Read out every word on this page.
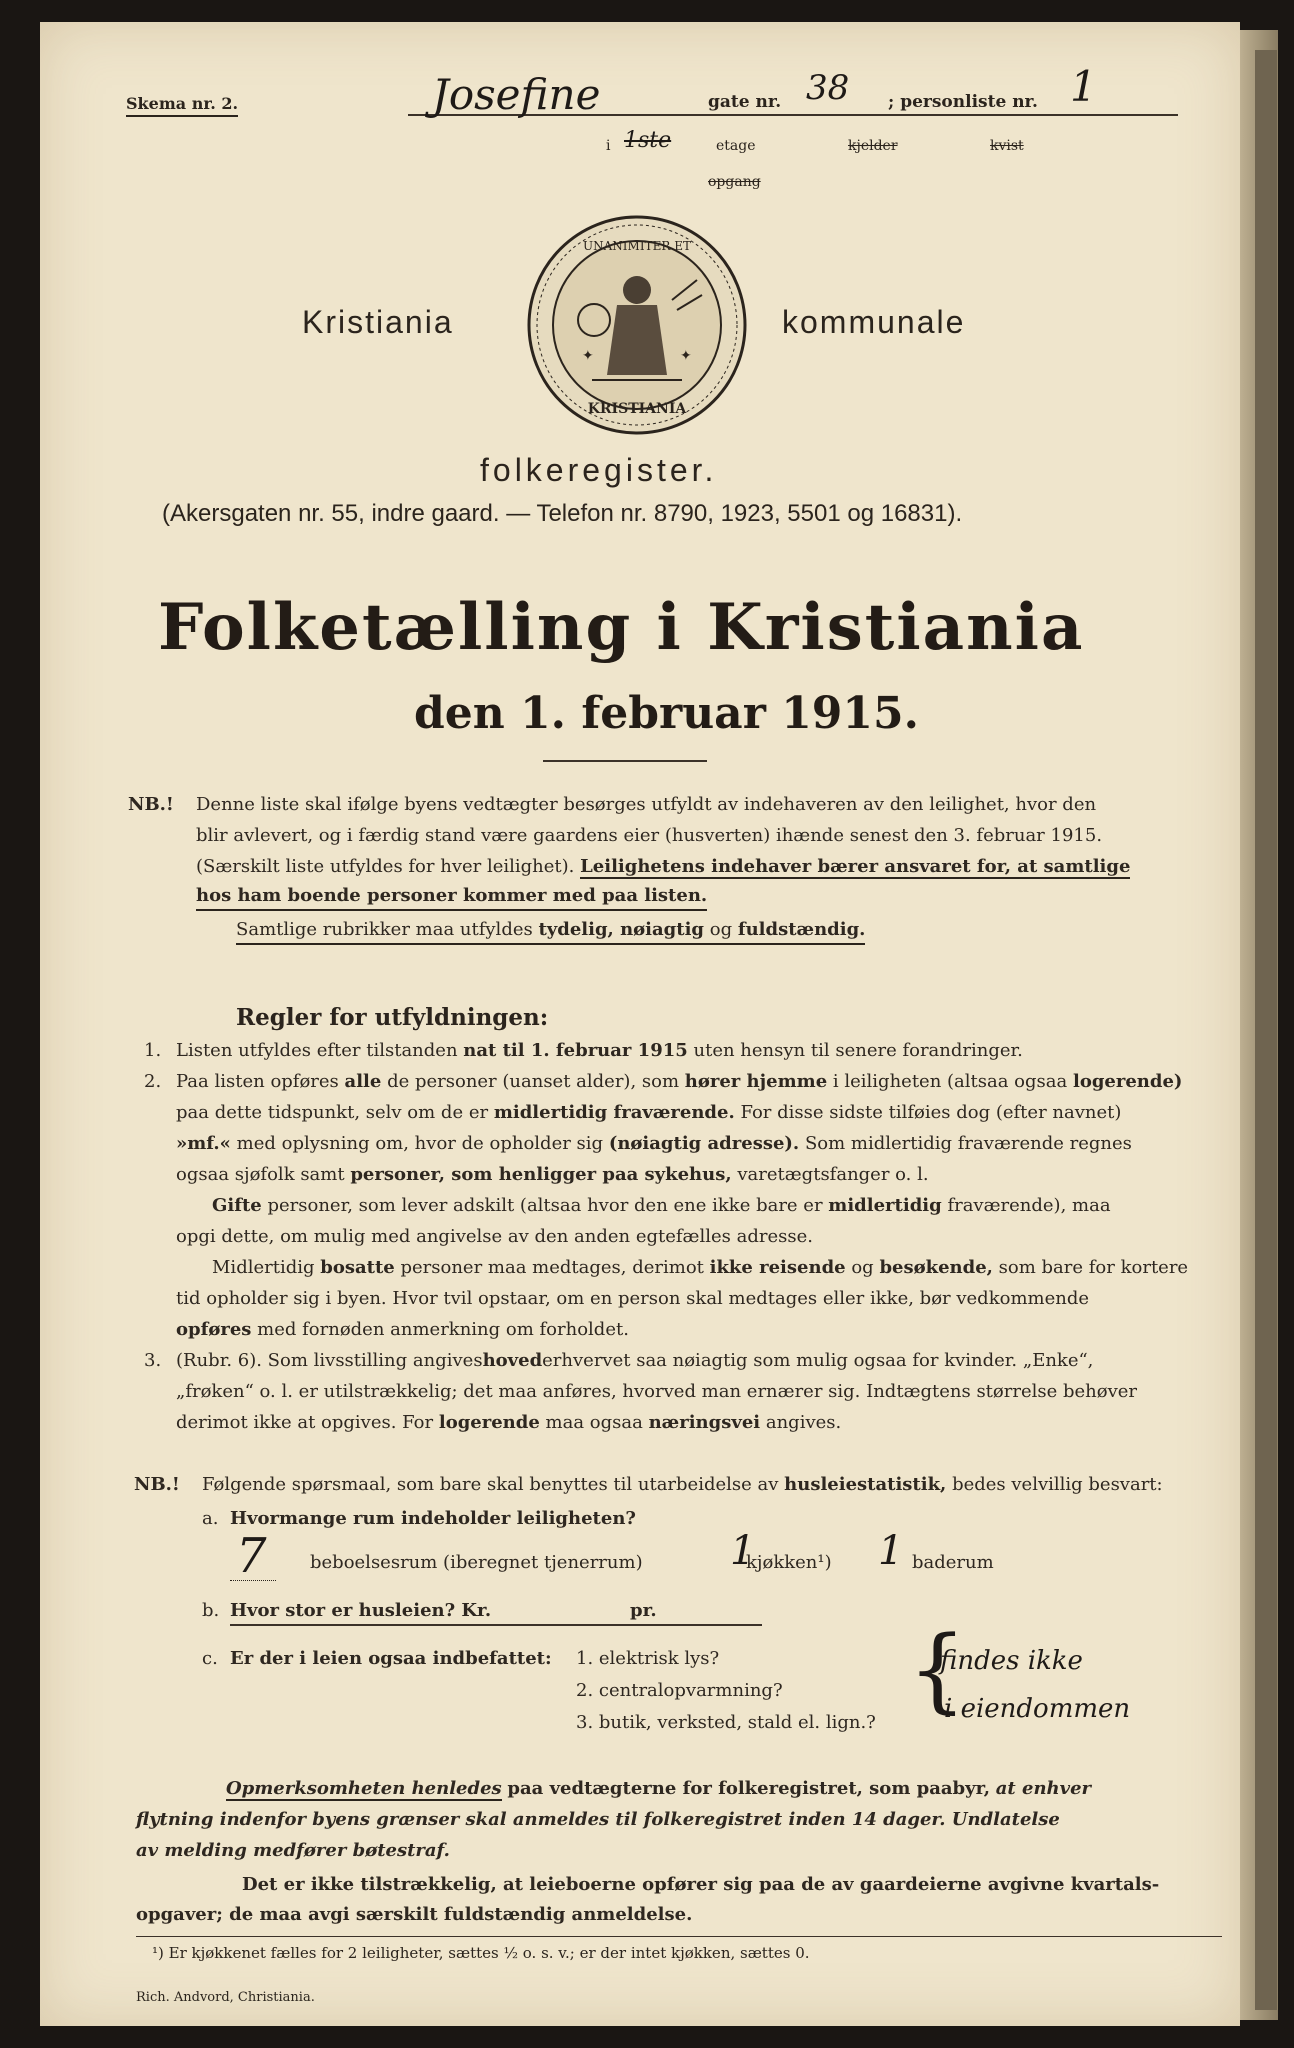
Skema nr. 2.	Josefine	gate nr. 38 ; personliste nr. 1
i 1ste	etage	kjelder	kvist
opgang
Kristiania	kommunale
UNANIMITER ET
KRISTIANIA
✦	✦
folkeregister.
(Akersgaten nr. 55, indre gaard. — Telefon nr. 8790, 1923, 5501 og 16831).
Folketælling i Kristiania
den 1. februar 1915.
NB.! Denne liste skal ifølge byens vedtægter besørges utfyldt av indehaveren av den leilighet, hvor den
blir avlevert, og i færdig stand være gaardens eier (husverten) ihænde senest den 3. februar 1915.
(Særskilt liste utfyldes for hver leilighet). Leilighetens indehaver bærer ansvaret for, at samtlige
hos ham boende personer kommer med paa listen.
Samtlige rubrikker maa utfyldes tydelig, nøiagtig og fuldstændig.
Regler for utfyldningen:
1. Listen utfyldes efter tilstanden nat til 1. februar 1915 uten hensyn til senere forandringer.
2. Paa listen opføres alle de personer (uanset alder), som hører hjemme i leiligheten (altsaa ogsaa logerende)
paa dette tidspunkt, selv om de er midlertidig fraværende. For disse sidste tilføies dog (efter navnet)
»mf.« med oplysning om, hvor de opholder sig (nøiagtig adresse). Som midlertidig fraværende regnes
ogsaa sjøfolk samt personer, som henligger paa sykehus, varetægtsfanger o. l.
Gifte personer, som lever adskilt (altsaa hvor den ene ikke bare er midlertidig fraværende), maa
opgi dette, om mulig med angivelse av den anden egtefælles adresse.
Midlertidig bosatte personer maa medtages, derimot ikke reisende og besøkende, som bare for kortere
tid opholder sig i byen. Hvor tvil opstaar, om en person skal medtages eller ikke, bør vedkommende
opføres med fornøden anmerkning om forholdet.
3. (Rubr. 6). Som livsstilling angiveshovederhvervet saa nøiagtig som mulig ogsaa for kvinder. „Enke“,
„frøken“ o. l. er utilstrækkelig; det maa anføres, hvorved man ernærer sig. Indtægtens størrelse behøver
derimot ikke at opgives. For logerende maa ogsaa næringsvei angives.
NB.! Følgende spørsmaal, som bare skal benyttes til utarbeidelse av husleiestatistik, bedes velvillig besvart:
a. Hvormange rum indeholder leiligheten?
7 beboelsesrum (iberegnet tjenerrum) 1
kjøkken¹) 1 baderum
b. Hvor stor er husleien? Kr.	pr.
c. Er der i leien ogsaa indbefattet: 1. elektrisk lys?
2. centralopvarmning?
3. butik, verksted, stald el. lign.? {
findes ikke
i eiendommen
Opmerksomheten henledes paa vedtægterne for folkeregistret, som paabyr, at enhver
flytning indenfor byens grænser skal anmeldes til folkeregistret inden 14 dager. Undlatelse
av melding medfører bøtestraf.
Det er ikke tilstrækkelig, at leieboerne opfører sig paa de av gaardeierne avgivne kvartals-
opgaver; de maa avgi særskilt fuldstændig anmeldelse.
¹) Er kjøkkenet fælles for 2 leiligheter, sættes ½ o. s. v.; er der intet kjøkken, sættes 0.
Rich. Andvord, Christiania.
